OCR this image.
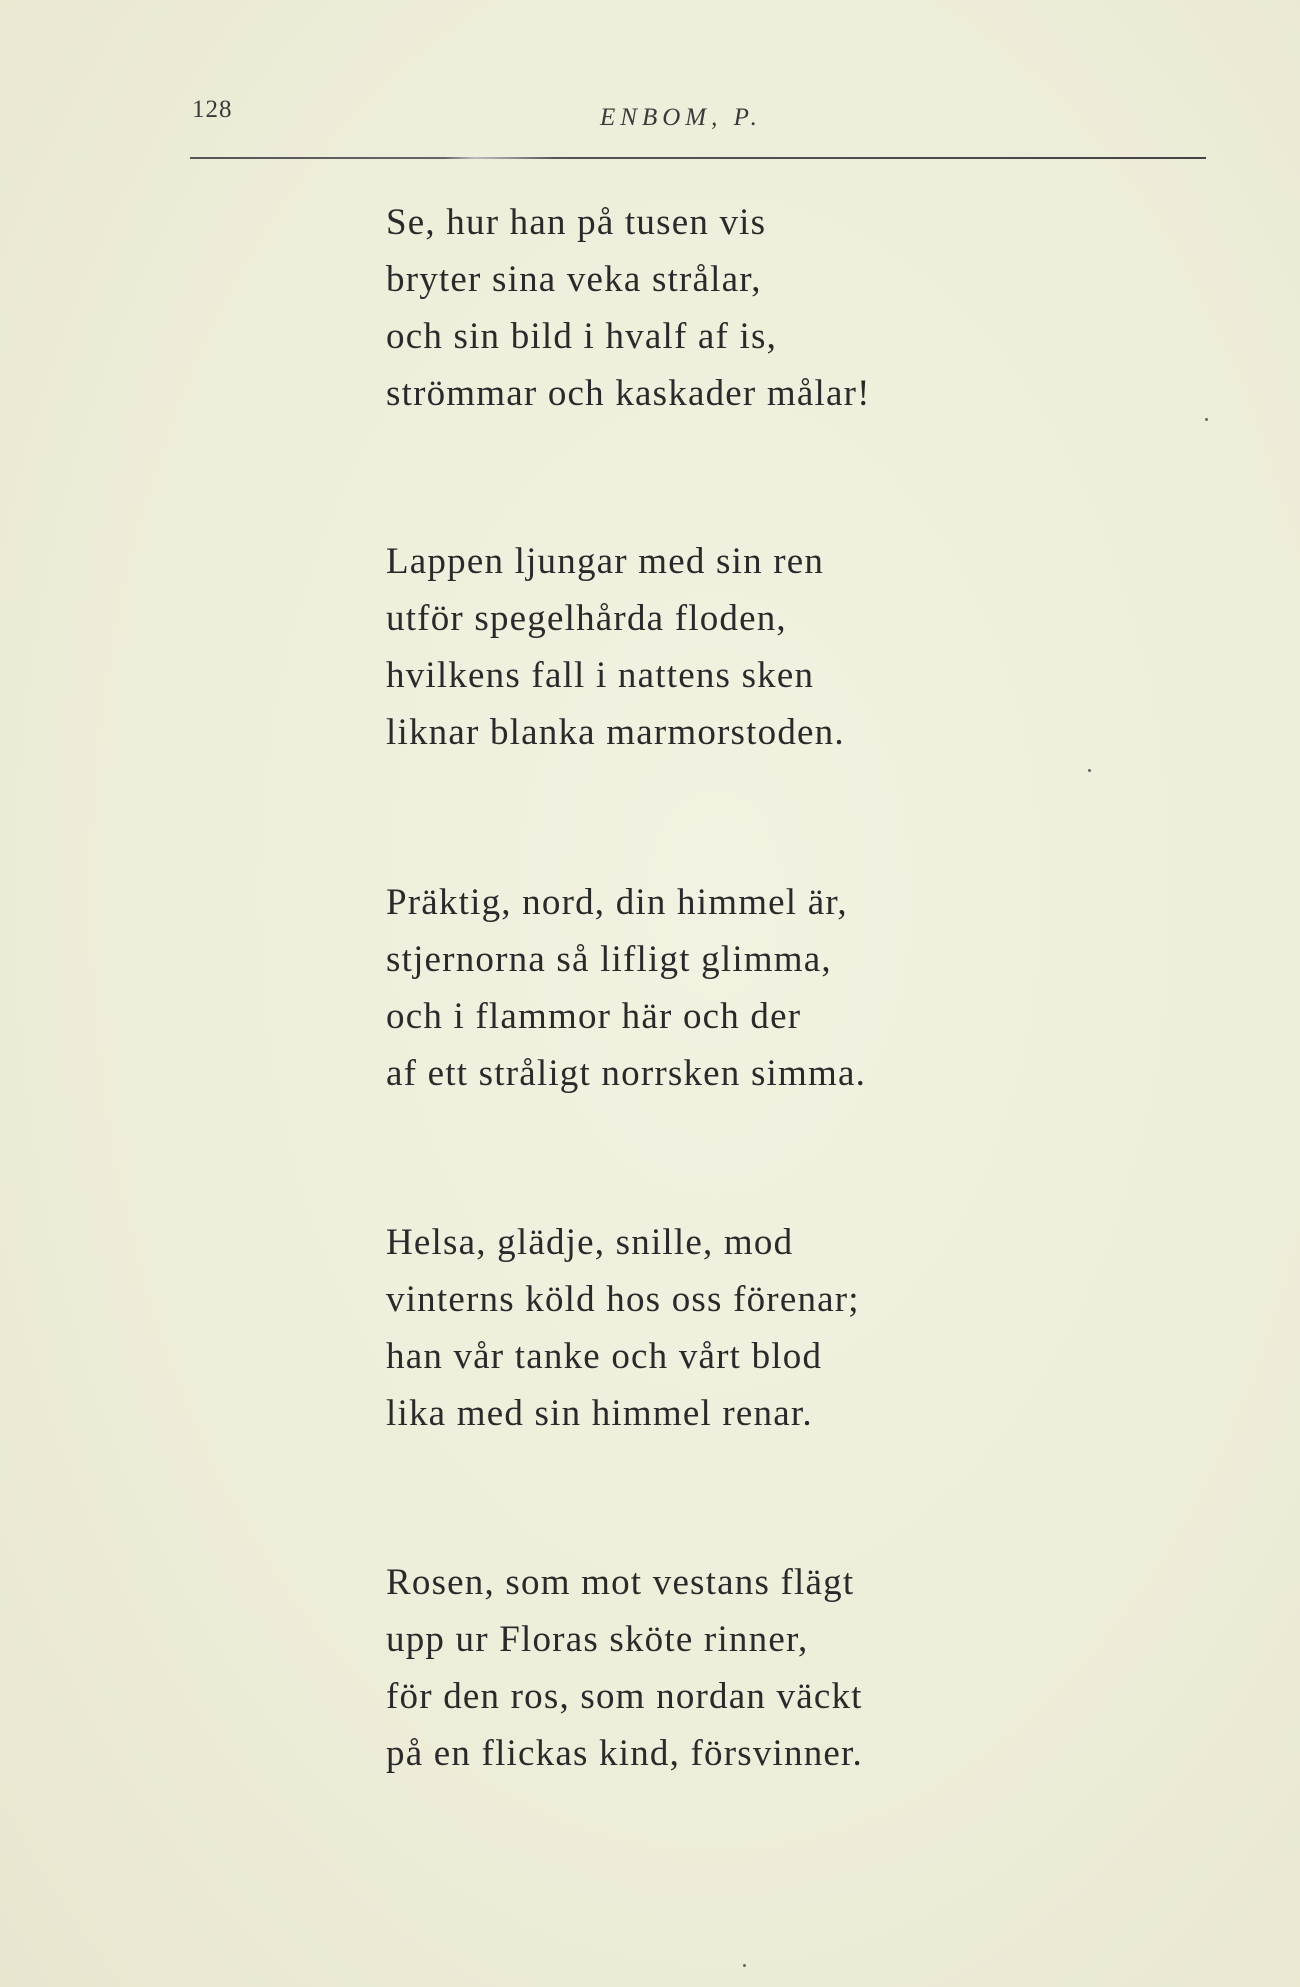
128	ENBOM, P.
Se, hur han på tusen vis
bryter sina veka strålar,
och sin bild i hvalf af is,
strömmar och kaskader målar!
Lappen ljungar med sin ren
utför spegelhårda floden,
hvilkens fall i nattens sken
liknar blanka marmorstoden.
Präktig, nord, din himmel är,
stjernorna så lifligt glimma,
och i flammor här och der
af ett stråligt norrsken simma.
Helsa, glädje, snille, mod
vinterns köld hos oss förenar;
han vår tanke och vårt blod
lika med sin himmel renar.
Rosen, som mot vestans flägt
upp ur Floras sköte rinner,
för den ros, som nordan väckt
på en flickas kind, försvinner.
